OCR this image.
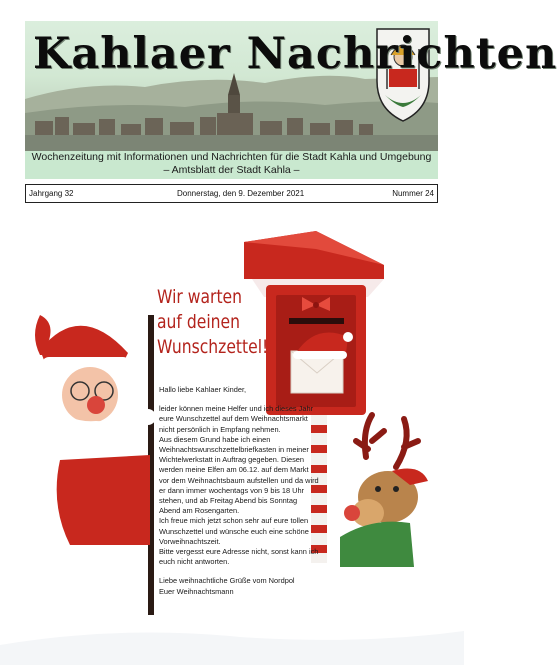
Kahlaer Nachrichten
Wochenzeitung mit Informationen und Nachrichten für die Stadt Kahla und Umgebung
– Amtsblatt der Stadt Kahla –
Jahrgang 32	Donnerstag, den 9. Dezember 2021	Nummer 24
Wir warten
auf deinen
Wunschzettel!

Hallo liebe Kahlaer Kinder,

leider können meine Helfer und ich dieses Jahr eure Wunschzettel auf dem Weihnachtsmarkt nicht persönlich in Empfang nehmen.

Aus diesem Grund habe ich einen Weihnachtswunschzettelbriefkasten in meiner Wichtelwerkstatt in Auftrag gegeben. Diesen werden meine Elfen am 06.12. auf dem Markt vor dem Weihnachtsbaum aufstellen und da wird er dann immer wochentags von 9 bis 18 Uhr stehen, und ab Freitag Abend bis Sonntag Abend am Rosengarten.

Ich freue mich jetzt schon sehr auf eure tollen Wunschzettel und wünsche euch eine schöne Vorweihnachtszeit.

Bitte vergesst eure Adresse nicht, sonst kann ich euch nicht antworten.

Liebe weihnachtliche Grüße vom Nordpol

Euer Weihnachtsmann
